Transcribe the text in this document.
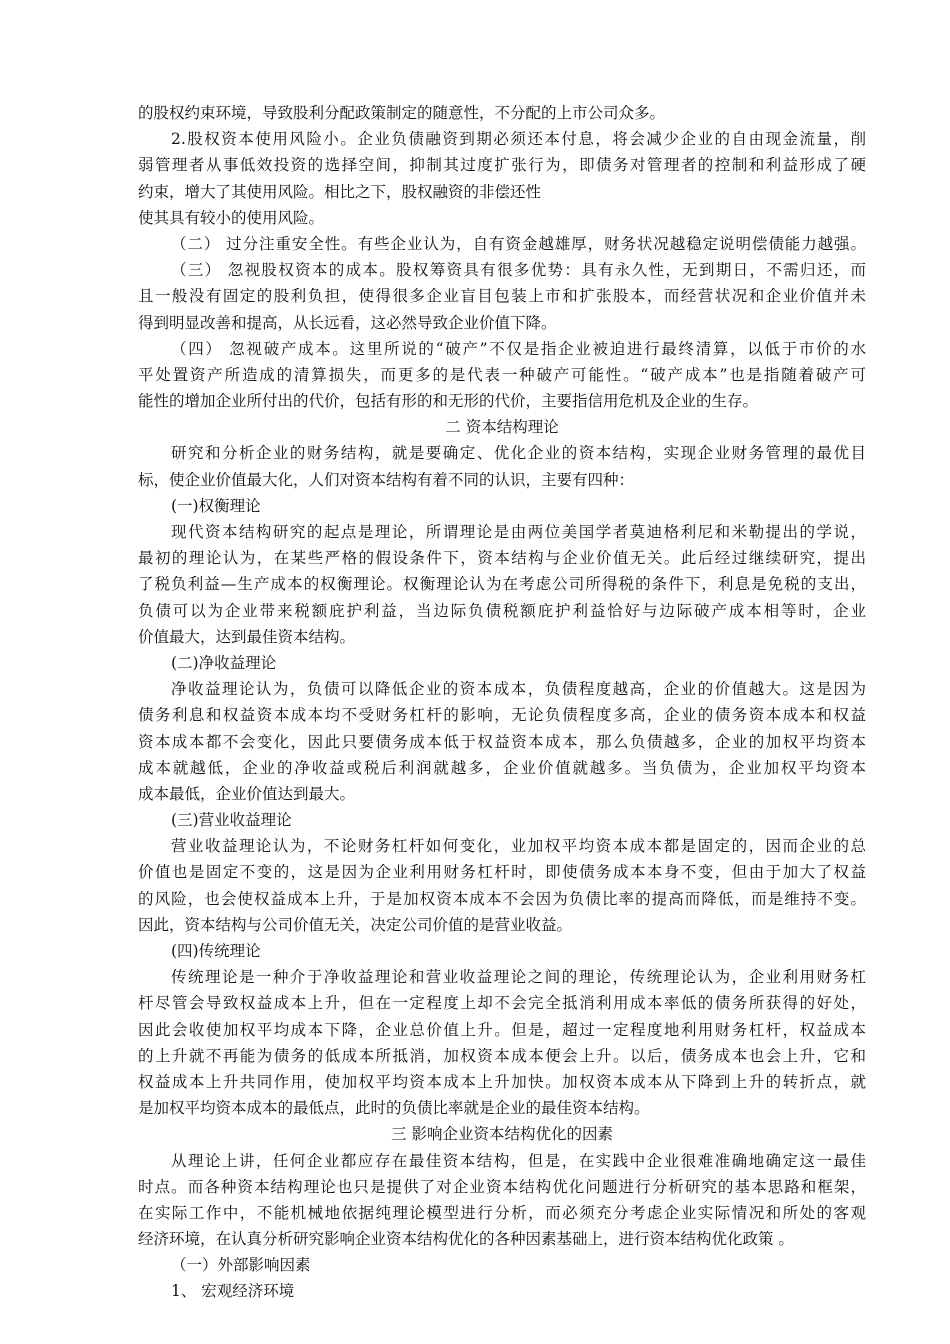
的股权约束环境，导致股利分配政策制定的随意性，不分配的上市公司众多。
2.股权资本使用风险小。企业负债融资到期必须还本付息，将会减少企业的自由现金流量，削
弱管理者从事低效投资的选择空间，抑制其过度扩张行为，即债务对管理者的控制和利益形成了硬
约束，增大了其使用风险。相比之下，股权融资的非偿还性
使其具有较小的使用风险。
（二） 过分注重安全性。有些企业认为，自有资金越雄厚，财务状况越稳定说明偿债能力越强。
（三） 忽视股权资本的成本。股权筹资具有很多优势：具有永久性，无到期日，不需归还，而
且一般没有固定的股利负担，使得很多企业盲目包装上市和扩张股本，而经营状况和企业价值并未
得到明显改善和提高，从长远看，这必然导致企业价值下降。
（四） 忽视破产成本。这里所说的“破产”不仅是指企业被迫进行最终清算，以低于市价的水
平处置资产所造成的清算损失，而更多的是代表一种破产可能性。“破产成本”也是指随着破产可
能性的增加企业所付出的代价，包括有形的和无形的代价，主要指信用危机及企业的生存。
二 资本结构理论
研究和分析企业的财务结构，就是要确定、优化企业的资本结构，实现企业财务管理的最优目
标，使企业价值最大化，人们对资本结构有着不同的认识，主要有四种：
(一)权衡理论
现代资本结构研究的起点是理论，所谓理论是由两位美国学者莫迪格利尼和米勒提出的学说，
最初的理论认为，在某些严格的假设条件下，资本结构与企业价值无关。此后经过继续研究，提出
了税负利益—生产成本的权衡理论。权衡理论认为在考虑公司所得税的条件下，利息是免税的支出，
负债可以为企业带来税额庇护利益，当边际负债税额庇护利益恰好与边际破产成本相等时，企业
价值最大，达到最佳资本结构。
(二)净收益理论
净收益理论认为，负债可以降低企业的资本成本，负债程度越高，企业的价值越大。这是因为
债务利息和权益资本成本均不受财务杠杆的影响，无论负债程度多高，企业的债务资本成本和权益
资本成本都不会变化，因此只要债务成本低于权益资本成本，那么负债越多，企业的加权平均资本
成本就越低，企业的净收益或税后利润就越多，企业价值就越多。当负债为，企业加权平均资本
成本最低，企业价值达到最大。
(三)营业收益理论
营业收益理论认为，不论财务杠杆如何变化，业加权平均资本成本都是固定的，因而企业的总
价值也是固定不变的，这是因为企业利用财务杠杆时，即使债务成本本身不变，但由于加大了权益
的风险，也会使权益成本上升，于是加权资本成本不会因为负债比率的提高而降低，而是维持不变。
因此，资本结构与公司价值无关，决定公司价值的是营业收益。
(四)传统理论
传统理论是一种介于净收益理论和营业收益理论之间的理论，传统理论认为，企业利用财务杠
杆尽管会导致权益成本上升，但在一定程度上却不会完全抵消利用成本率低的债务所获得的好处，
因此会收使加权平均成本下降，企业总价值上升。但是，超过一定程度地利用财务杠杆，权益成本
的上升就不再能为债务的低成本所抵消，加权资本成本便会上升。以后，债务成本也会上升，它和
权益成本上升共同作用，使加权平均资本成本上升加快。加权资本成本从下降到上升的转折点，就
是加权平均资本成本的最低点，此时的负债比率就是企业的最佳资本结构。
三 影响企业资本结构优化的因素
从理论上讲，任何企业都应存在最佳资本结构，但是，在实践中企业很难准确地确定这一最佳
时点。而各种资本结构理论也只是提供了对企业资本结构优化问题进行分析研究的基本思路和框架，
在实际工作中，不能机械地依据纯理论模型进行分析，而必须充分考虑企业实际情况和所处的客观
经济环境，在认真分析研究影响企业资本结构优化的各种因素基础上，进行资本结构优化政策 。
（一）外部影响因素
1、 宏观经济环境
